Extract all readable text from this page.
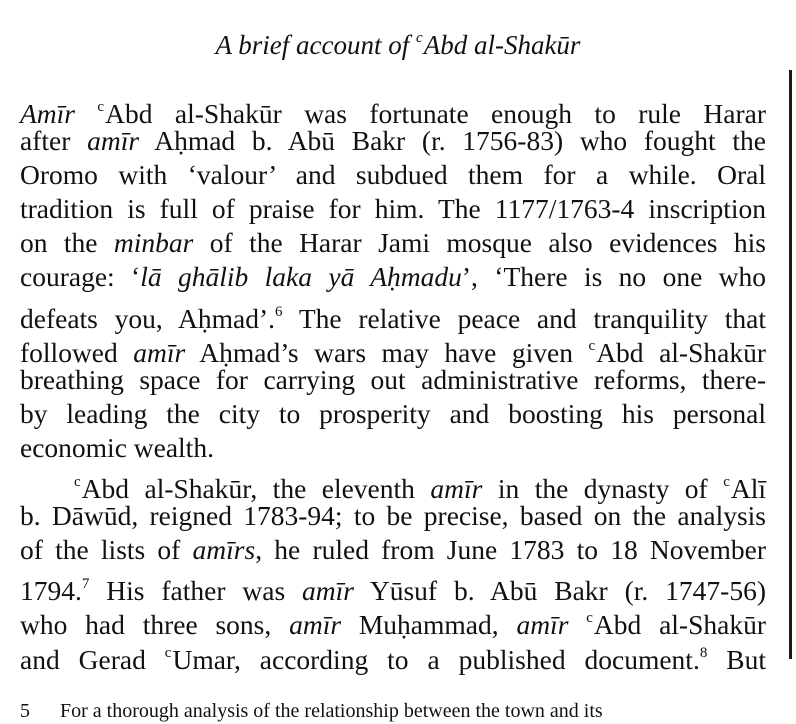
A brief account of $^c$Abd al-Shakūr
Amīr $^c$Abd al-Shakūr was fortunate enough to rule Harar
after amīr Aḥmad b. Abū Bakr (r. 1756-83) who fought the
Oromo with ‘valour’ and subdued them for a while. Oral
tradition is full of praise for him. The 1177/1763-4 inscription
on the minbar of the Harar Jami mosque also evidences his
courage: ‘lā ghālib laka yā Aḥmadu’, ‘There is no one who
defeats you, Aḥmad’.$^6$ The relative peace and tranquility that
followed amīr Aḥmad’s wars may have given $^c$Abd al-Shakūr
breathing space for carrying out administrative reforms, there-
by leading the city to prosperity and boosting his personal
economic wealth.
$^c$Abd al-Shakūr, the eleventh amīr in the dynasty of $^c$Alī
b. Dāwūd, reigned 1783-94; to be precise, based on the analysis
of the lists of amīrs, he ruled from June 1783 to 18 November
1794.$^7$ His father was amīr Yūsuf b. Abū Bakr (r. 1747-56)
who had three sons, amīr Muḥammad, amīr $^c$Abd al-Shakūr
and Gerad $^c$Umar, according to a published document.$^8$ But
5 For a thorough analysis of the relationship between the town and its
